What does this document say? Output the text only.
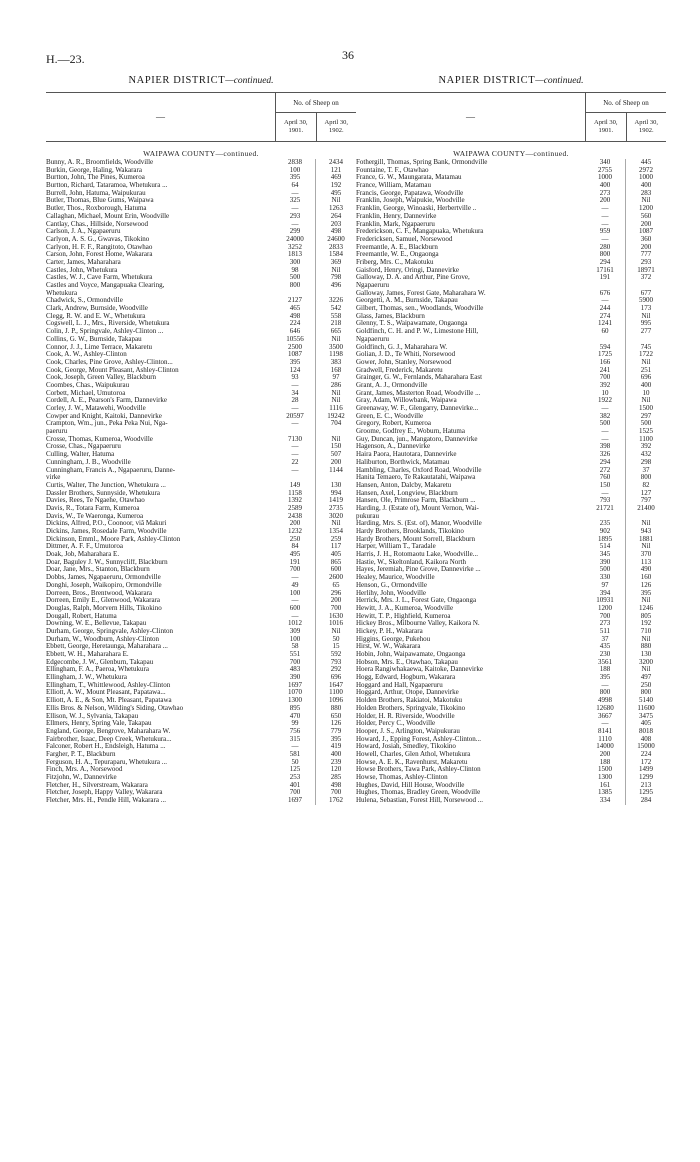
H.—23.	36
NAPIER DISTRICT—continued.
—
No. of Sheep on
April 30, 1901.
April 30, 1902.
WAIPAWA COUNTY—continued.
Bunny, A. R., Broomfields, Woodville	2838	2434
Burkin, George, Haling, Wakarara	100	121
Burtton, John, The Pines, Kumeroa	395	469
Burtton, Richard, Tataramoa, Whetukura ...	64	192
Burrell, John, Hatuma, Waipukurau	—	495
Butler, Thomas, Blue Gums, Waipawa	325	Nil
Butler, Thos., Roxborough, Hatuma	—	1263
Callaghan, Michael, Mount Erin, Woodville	293	264
Cantlay, Chas., Hillside, Norsewood	—	203
Carlson, J. A., Ngapaeruru	299	498
Carlyon, A. S. G., Gwavas, Tikokino	24000	24600
Carlyon, H. F. F., Rangitoto, Otawhao	3252	2833
Carson, John, Forest Home, Wakarara	1813	1584
Carter, James, Maharahara	300	369
Castles, John, Whetukura	98	Nil
Castles, W. J., Cave Farm, Whetukura	500	798
Castles and Voyce, Mangapuaka Clearing,	800	496
Whetukura
Chadwick, S., Ormondville	2127	3226
Clark, Andrew, Burnside, Woodville	465	542
Clegg, R. W. and E. W., Whetukura	498	558
Cogswell, L. J., Mrs., Riverside, Whetukura	224	218
Colin, J. P., Springvale, Ashley-Clinton ...	646	665
Collins, G. W., Burnside, Takapau	10556	Nil
Connor, J. J., Lime Terrace, Makaretu	2500	3500
Cook, A. W., Ashley-Clinton	1087	1198
Cook, Charles, Pine Grove, Ashley-Clinton...	395	383
Cook, George, Mount Pleasant, Ashley-Clinton	124	168
Cook, Joseph, Green Valley, Blackburn	93	97
Coombes, Chas., Waipukurau	—	286
Corbett, Michael, Umutoroa	34	Nil
Cordell, A. E., Pearson's Farm, Dannevirke	28	Nil
Corley, J. W., Matawehi, Woodville	—	1116
Cowper and Knight, Kaitoki, Dannevirke	20597	19242
Crampton, Wm., jun., Peka Peka Nui, Nga-	—	704
paeruru
Crosse, Thomas, Kumeroa, Woodville	7130	Nil
Crosse, Chas., Ngapaeruru	—	150
Culling, Walter, Hatuma	—	507
Cunningham, J. B., Woodville	22	200
Cunningham, Francis A., Ngapaeruru, Danne-	—	1144
virke
Curtis, Walter, The Junction, Whetukura ...	149	130
Dassler Brothers, Sunnyside, Whetukura	1158	994
Davies, Rees, Te Ngaehe, Otawhao	1392	1419
Davis, R., Totara Farm, Kumeroa	2589	2735
Davis, W., Te Waeronga, Kumeroa	2438	3020
Dickins, Alfred, P.O., Coonoor, viâ Makuri	200	Nil
Dickins, James, Rosedale Farm, Woodville	1232	1354
Dickinson, Emml., Moore Park, Ashley-Clinton	250	259
Dittmer, A. F. F., Umutoroa	84	117
Doak, Job, Maharahara E.	495	405
Doar, Baguley J. W., Sunnycliff, Blackburn	191	865
Doar, Jane, Mrs., Stanton, Blackburn	700	600
Dobbs, James, Ngapaeruru, Ormondville	—	2600
Donghi, Joseph, Waikopiro, Ormondville	49	65
Dorreen, Bros., Brentwood, Wakarara	100	296
Dorreen, Emily E., Glenwood, Wakarara	—	200
Douglas, Ralph, Morvern Hills, Tikokino	600	700
Dougall, Robert, Hatuma	—	1630
Downing, W. E., Bellevue, Takapau	1012	1016
Durham, George, Springvale, Ashley-Clinton	309	Nil
Durham, W., Woodburn, Ashley-Clinton	100	50
Ebbett, George, Heretaunga, Maharahara ...	58	15
Ebbett, W. H., Maharahara E.	551	592
Edgecombe, J. W., Glenburn, Takapau	700	793
Ellingham, F. A., Paeroa, Whetukura	483	292
Ellingham, J. W., Whetukura	390	696
Ellingham, T., Whittlewood, Ashley-Clinton	1697	1647
Elliott, A. W., Mount Pleasant, Papatawa...	1070	1100
Elliott, A. E., & Son, Mt. Pleasant, Papatawa	1300	1096
Ellis Bros. & Nelson, Wilding's Siding, Otawhao	895	880
Ellison, W. J., Sylvania, Takapau	470	650
Ellmers, Henry, Spring Vale, Takapau	99	126
England, George, Bengrove, Maharahara W.	756	779
Fairbrother, Isaac, Deep Creek, Whetukura...	315	395
Falconer, Robert H., Endsleigh, Hatuma ...	—	419
Fargher, P. T., Blackburn	581	400
Ferguson, H. A., Tepuraparu, Whetukura ...	50	239
Finch, Mrs. A., Norsewood	125	120
Fitzjohn, W., Dannevirke	253	285
Fletcher, H., Silverstream, Wakarara	401	498
Fletcher, Joseph, Happy Valley, Wakarara	700	700
Fletcher, Mrs. H., Pendle Hill, Wakarara ...	1697	1762
NAPIER DISTRICT—continued.
—
No. of Sheep on
April 30, 1901.
April 30, 1902.
WAIPAWA COUNTY—continued.
Fothergill, Thomas, Spring Bank, Ormondville	340	445
Fountaine, T. F., Otawhao	2755	2972
France, G. W., Maungarata, Matamau	1000	1000
France, William, Matamau	400	400
Francis, George, Papatawa, Woodville	273	283
Franklin, Joseph, Waipukie, Woodville	200	Nil
Franklin, George, Winoaski, Herbertville ..	—	1200
Franklin, Henry, Dannevirke	—	560
Franklin, Mark, Ngapaeruru	—	200
Frederickson, C. F., Mangapuaka, Whetukura	959	1087
Fredericksen, Samuel, Norsewood	—	360
Freemantle, A. E., Blackburn	280	200
Freemantle, W. E., Ongaonga	800	777
Friberg, Mrs. C., Makotuku	294	293
Gaisford, Henry, Oringi, Dannevirke	17161	18971
Galloway, D. A. and Arthur, Pine Grove,	191	372
Ngapaeruru
Galloway, James, Forest Gate, Maharahara W.	676	677
Georgetti, A. M., Burnside, Takapau	—	5900
Gilbert, Thomas, sen., Woodlands, Woodville	244	173
Glass, James, Blackburn	274	Nil
Glenny, T. S., Waipawamate, Ongaonga	1241	995
Goldfinch, C. H. and P. W., Limestone Hill,	60	277
Ngapaeruru
Goldfinch, G. J., Maharahara W.	594	745
Golian, J. D., Te Whiti, Norsewood	1725	1722
Gower, John, Stanley, Norsewood	166	Nil
Gradwell, Frederick, Makaretu	241	251
Grainger, G. W., Fernlands, Maharahara East	700	696
Grant, A. J., Ormondville	392	400
Grant, James, Masterton Road, Woodville ...	10	10
Gray, Adam, Willowbank, Waipawa	1922	Nil
Greenaway, W. F., Glengarry, Dannevirke...	—	1500
Green, E. C., Woodville	382	297
Gregory, Robert, Kumeroa	500	500
Groome, Godfrey E., Woburn, Hatuma	—	1525
Guy, Duncan, jun., Mangatoro, Dannevirke	—	1100
Hagenson, A., Dannevirke	398	392
Haira Paora, Hautotara, Dannevirke	326	432
Haliburton, Borthwick, Matamau	294	298
Hambling, Charles, Oxford Road, Woodville	272	37
Hanita Temaero, Te Rakautatahi, Waipawa	760	800
Hansen, Anton, Dalcby, Makaretu	150	82
Hansen, Axel, Longview, Blackburn	—	127
Hansen, Ole, Primrose Farm, Blackburn ...	793	797
Harding, J. (Estate of), Mount Vernon, Wai-	21721	21400
pukurau
Harding, Mrs. S. (Est. of), Manor, Woodville	235	Nil
Hardy Brothers, Brooklands, Tikokino	902	943
Hardy Brothers, Mount Sorrell, Blackburn	1895	1881
Harper, William T., Taradale	514	Nil
Harris, J. H., Rotomaotu Lake, Woodville...	345	370
Hastie, W., Skeltonland, Kaikora North	390	113
Hayes, Jeremiah, Pine Grove, Dannevirke ...	500	490
Healey, Maurice, Woodville	330	160
Henson, G., Ormondville	97	126
Herlihy, John, Woodville	394	395
Herrick, Mrs. J. L., Forest Gate, Ongaonga	10931	Nil
Hewitt, J. A., Kumeroa, Woodville	1200	1246
Hewitt, T. P., Highfield, Kumeroa	700	805
Hickey Bros., Milbourne Valley, Kaikora N.	273	192
Hickey, P. H., Wakarara	511	710
Higgins, George, Pukehou	37	Nil
Hirst, W. W., Wakarara	435	880
Hobin, John, Waipawamate, Ongaonga	230	130
Hobson, Mrs. E., Otawhao, Takapau	3561	3200
Hoera Rangiwhakaewa, Kaitoke, Dannevirke	188	Nil
Hogg, Edward, Hogburn, Wakarara	395	497
Hoggard and Hall, Ngapaeruru	—	250
Hoggard, Arthur, Otope, Dannevirke	800	800
Holden Brothers, Rakiatoi, Makotuku	4998	5140
Holden Brothers, Springvale, Tikokino	12680	11600
Holder, H. R. Riverside, Woodville	3667	3475
Holder, Percy C., Woodville	—	405
Hooper, J. S., Arlington, Waipukurau	8141	8018
Howard, J., Epping Forest, Ashley-Clinton...	1110	408
Howard, Josiah, Smedley, Tikokino	14000	15000
Howell, Charles, Glen Athol, Whetukura	200	224
Howse, A. E. K., Ravenhurst, Makaretu	188	172
Howse Brothers, Tawa Park, Ashley-Clinton	1500	1499
Howse, Thomas, Ashley-Clinton	1300	1299
Hughes, David, Hill House, Woodville	161	213
Hughes, Thomas, Bradley Green, Woodville	1385	1295
Hulena, Sebastian, Forest Hill, Norsewood ...	334	284
